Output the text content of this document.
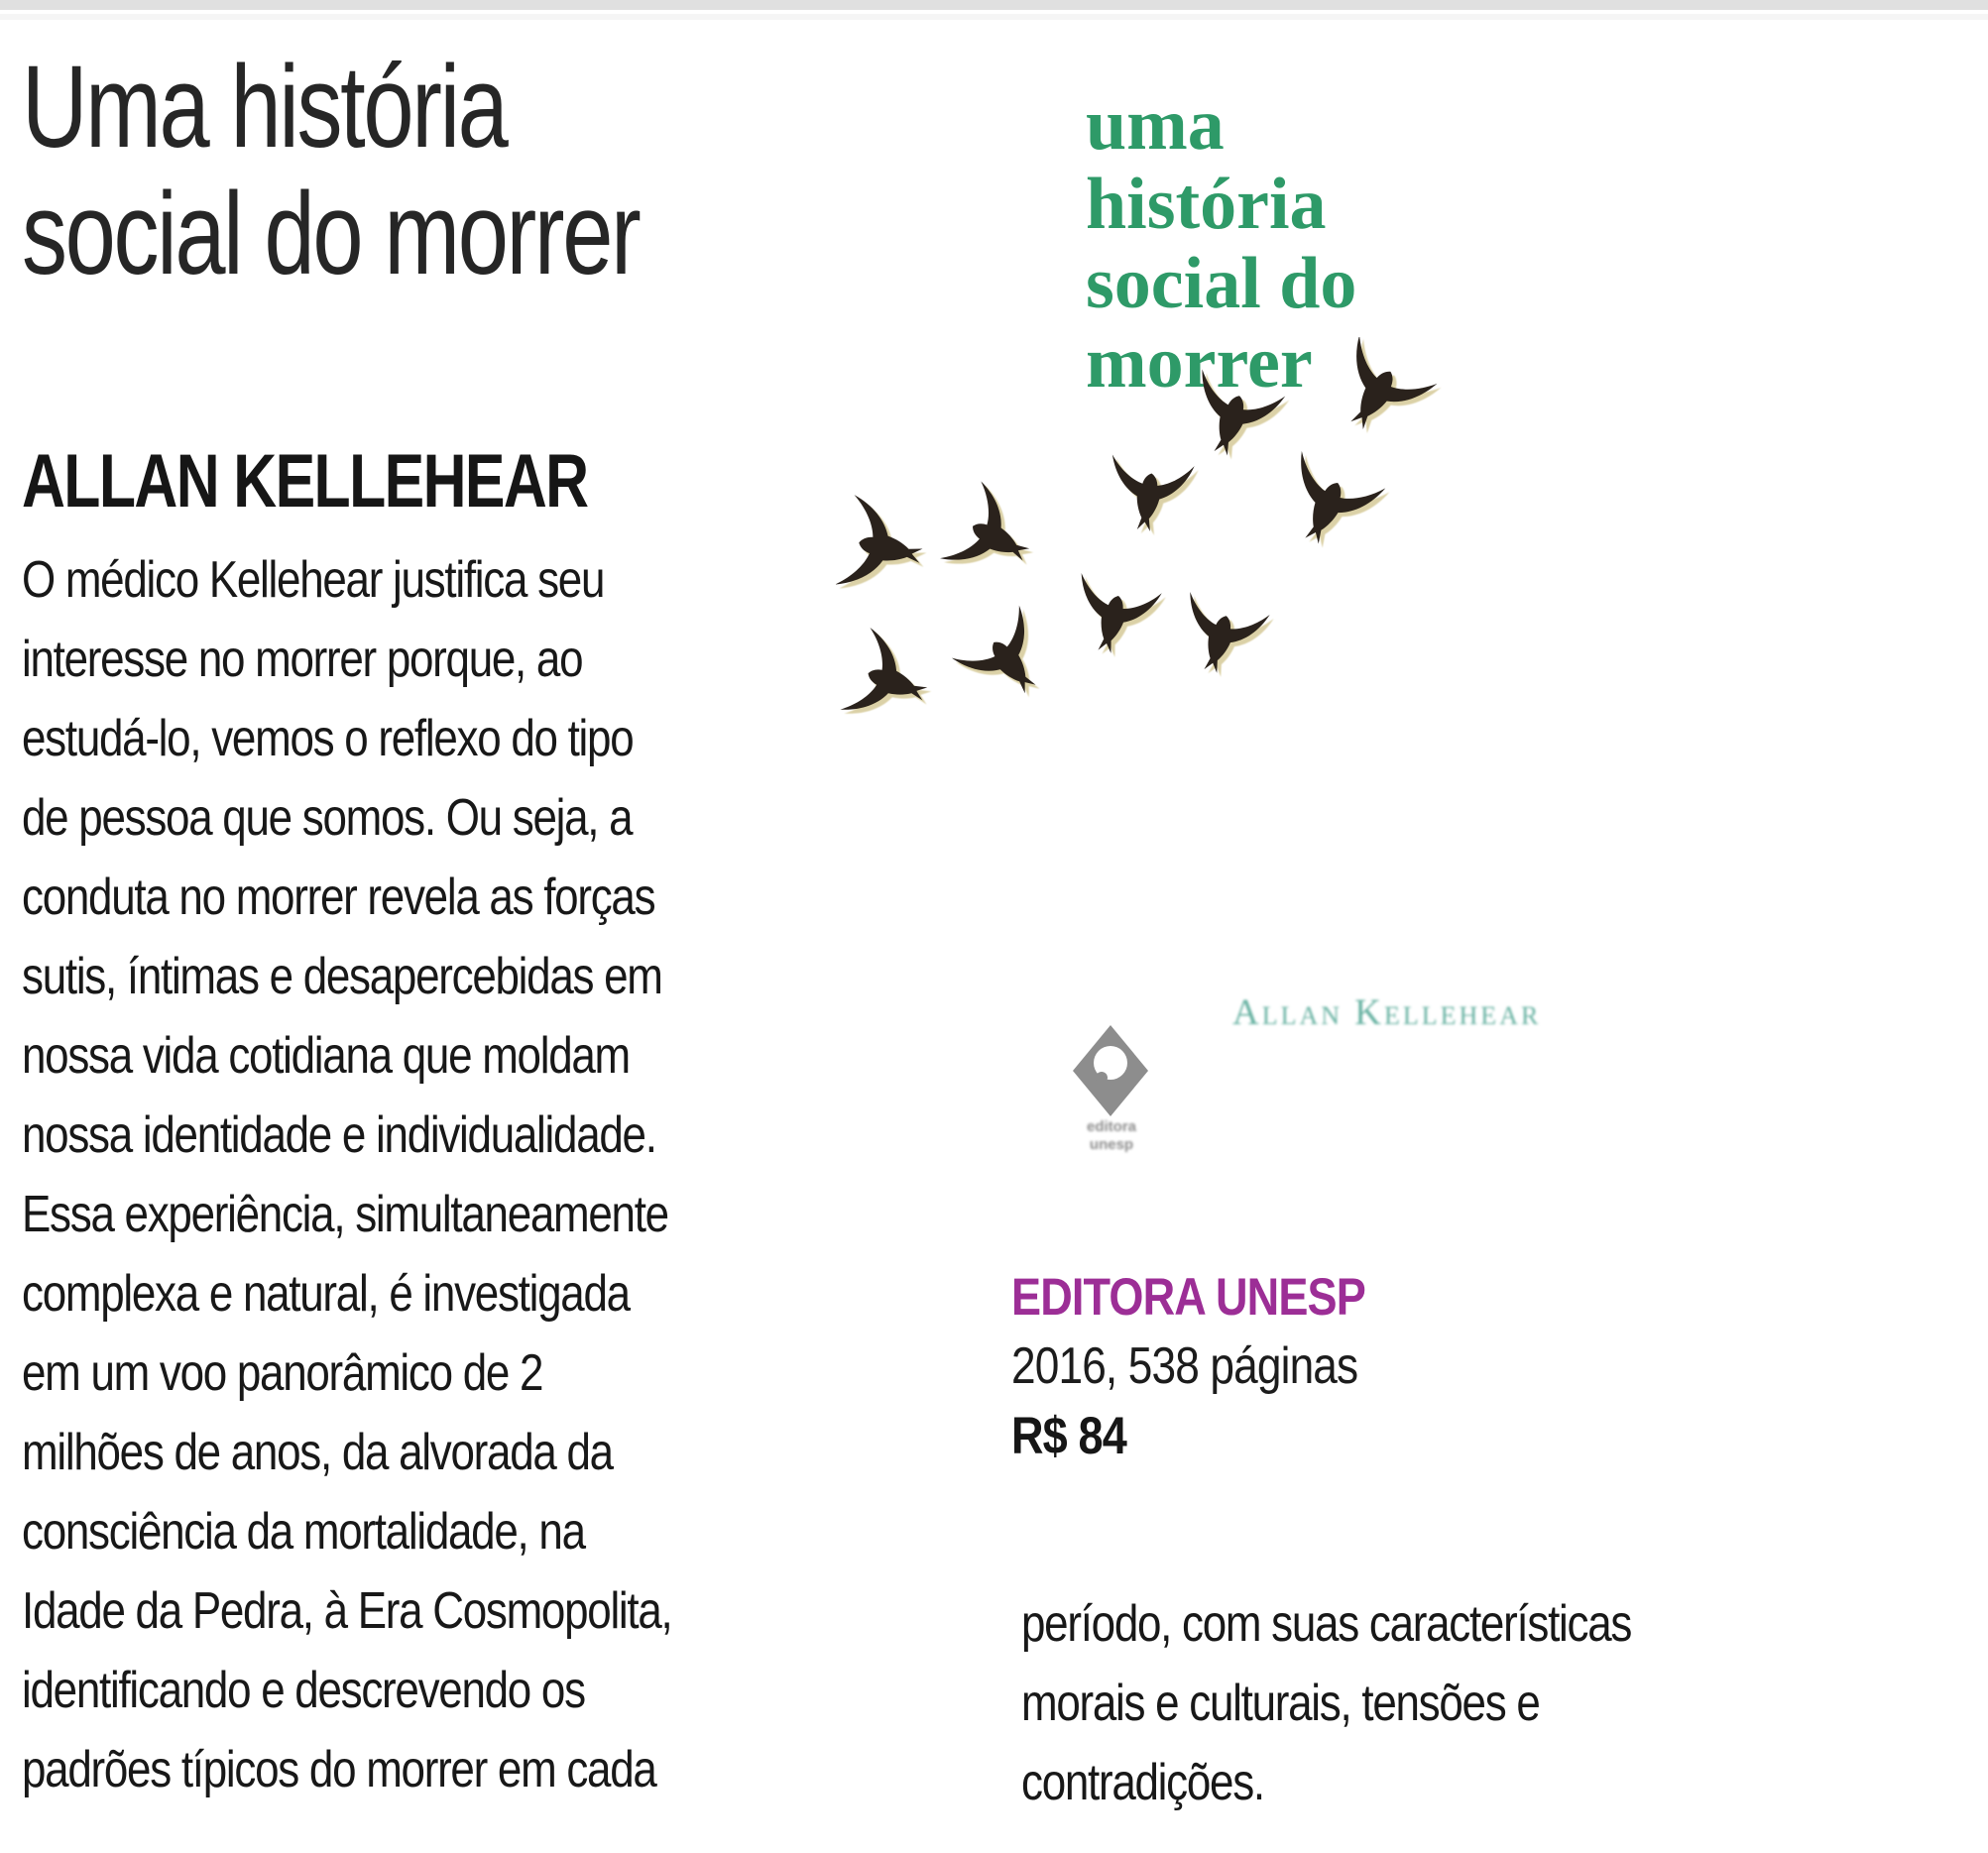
Uma história
social do morrer
ALLAN KELLEHEAR
O médico Kellehear justifica seu
interesse no morrer porque, ao
estudá-lo, vemos o reflexo do tipo
de pessoa que somos. Ou seja, a
conduta no morrer revela as forças
sutis, íntimas e desapercebidas em
nossa vida cotidiana que moldam
nossa identidade e individualidade.
Essa experiência, simultaneamente
complexa e natural, é investigada
em um voo panorâmico de 2
milhões de anos, da alvorada da
consciência da mortalidade, na
Idade da Pedra, à Era Cosmopolita,
identificando e descrevendo os
padrões típicos do morrer em cada
uma
história
social do
morrer
editora unesp
Allan Kellehear
EDITORA UNESP
2016, 538 páginas
R$ 84
período, com suas características
morais e culturais, tensões e
contradições.
